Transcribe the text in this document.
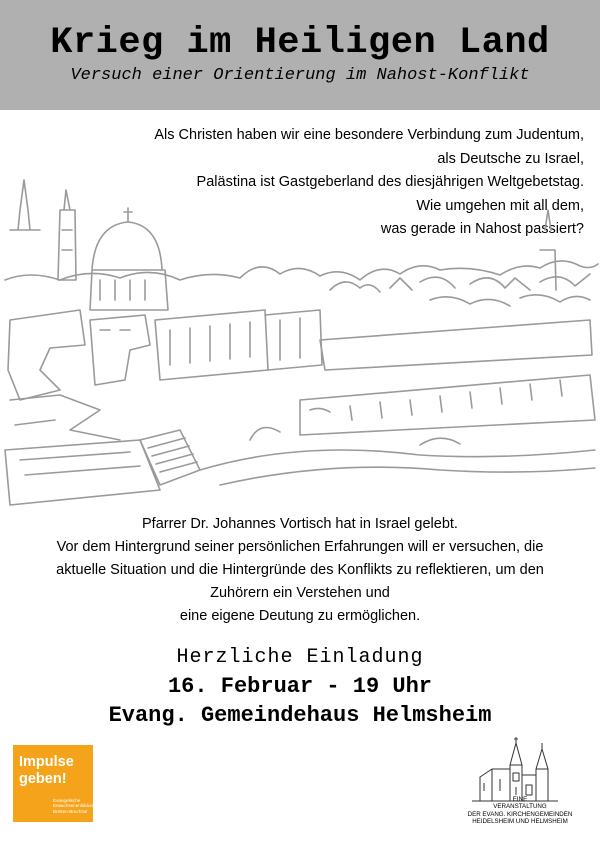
Krieg im Heiligen Land
Versuch einer Orientierung im Nahost-Konflikt
Als Christen haben wir eine besondere Verbindung zum Judentum,
als Deutsche zu Israel,
Palästina ist Gastgeberland des diesjährigen Weltgebetstag.
Wie umgehen mit all dem,
was gerade in Nahost passiert?
Pfarrer Dr. Johannes Vortisch hat in Israel gelebt.
Vor dem Hintergrund seiner persönlichen Erfahrungen will er versuchen, die
aktuelle Situation und die Hintergründe des Konflikts zu reflektieren, um den
Zuhörern ein Verstehen und
eine eigene Deutung zu ermöglichen.
Herzliche Einladung
16. Februar - 19 Uhr
Evang. Gemeindehaus Helmsheim
Impulse
geben!
Evangelische
Erwachsenenbildung
Bretten-Bruchsal
EINE
VERANSTALTUNG
DER EVANG. KIRCHENGEMEINDEN
HEIDELSHEIM UND HELMSHEIM
